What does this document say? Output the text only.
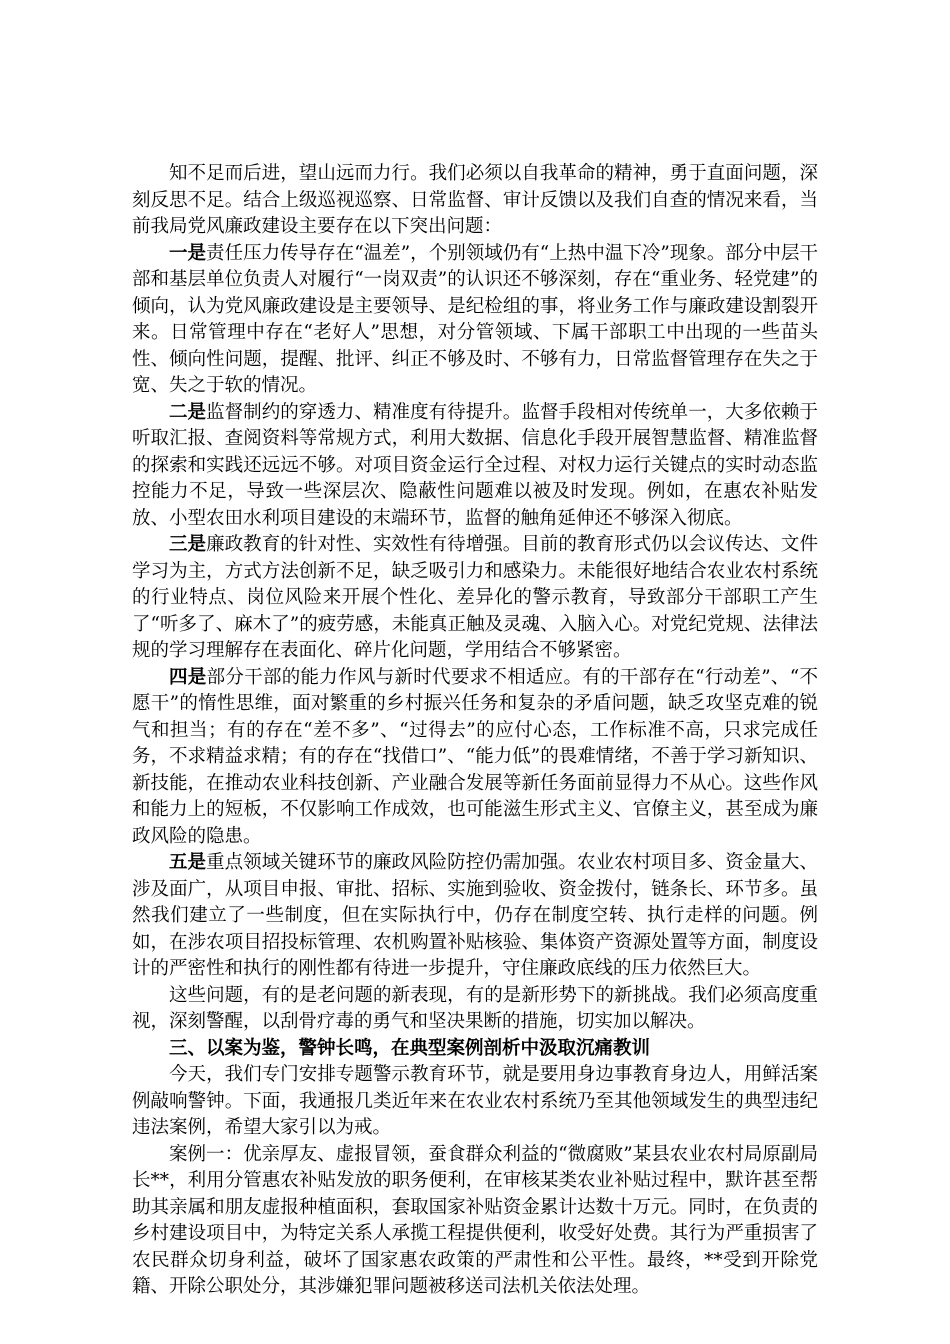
知不足而后进，望山远而力行。我们必须以自我革命的精神，勇于直面问题，深刻反思不足。结合上级巡视巡察、日常监督、审计反馈以及我们自查的情况来看，当前我局党风廉政建设主要存在以下突出问题：

一是责任压力传导存在“温差”，个别领域仍有“上热中温下冷”现象。部分中层干部和基层单位负责人对履行“一岗双责”的认识还不够深刻，存在“重业务、轻党建”的倾向，认为党风廉政建设是主要领导、是纪检组的事，将业务工作与廉政建设割裂开来。日常管理中存在“老好人”思想，对分管领域、下属干部职工中出现的一些苗头性、倾向性问题，提醒、批评、纠正不够及时、不够有力，日常监督管理存在失之于宽、失之于软的情况。

二是监督制约的穿透力、精准度有待提升。监督手段相对传统单一，大多依赖于听取汇报、查阅资料等常规方式，利用大数据、信息化手段开展智慧监督、精准监督的探索和实践还远远不够。对项目资金运行全过程、对权力运行关键点的实时动态监控能力不足，导致一些深层次、隐蔽性问题难以被及时发现。例如，在惠农补贴发放、小型农田水利项目建设的末端环节，监督的触角延伸还不够深入彻底。

三是廉政教育的针对性、实效性有待增强。目前的教育形式仍以会议传达、文件学习为主，方式方法创新不足，缺乏吸引力和感染力。未能很好地结合农业农村系统的行业特点、岗位风险来开展个性化、差异化的警示教育，导致部分干部职工产生了“听多了、麻木了”的疲劳感，未能真正触及灵魂、入脑入心。对党纪党规、法律法规的学习理解存在表面化、碎片化问题，学用结合不够紧密。

四是部分干部的能力作风与新时代要求不相适应。有的干部存在“行动差”、“不愿干”的惰性思维，面对繁重的乡村振兴任务和复杂的矛盾问题，缺乏攻坚克难的锐气和担当；有的存在“差不多”、“过得去”的应付心态，工作标准不高，只求完成任务，不求精益求精；有的存在“找借口”、“能力低”的畏难情绪，不善于学习新知识、新技能，在推动农业科技创新、产业融合发展等新任务面前显得力不从心。这些作风和能力上的短板，不仅影响工作成效，也可能滋生形式主义、官僚主义，甚至成为廉政风险的隐患。

五是重点领域关键环节的廉政风险防控仍需加强。农业农村项目多、资金量大、涉及面广，从项目申报、审批、招标、实施到验收、资金拨付，链条长、环节多。虽然我们建立了一些制度，但在实际执行中，仍存在制度空转、执行走样的问题。例如，在涉农项目招投标管理、农机购置补贴核验、集体资产资源处置等方面，制度设计的严密性和执行的刚性都有待进一步提升，守住廉政底线的压力依然巨大。

这些问题，有的是老问题的新表现，有的是新形势下的新挑战。我们必须高度重视，深刻警醒，以刮骨疗毒的勇气和坚决果断的措施，切实加以解决。

三、以案为鉴，警钟长鸣，在典型案例剖析中汲取沉痛教训

今天，我们专门安排专题警示教育环节，就是要用身边事教育身边人，用鲜活案例敲响警钟。下面，我通报几类近年来在农业农村系统乃至其他领域发生的典型违纪违法案例，希望大家引以为戒。

案例一：优亲厚友、虚报冒领，蚕食群众利益的“微腐败”某县农业农村局原副局长**，利用分管惠农补贴发放的职务便利，在审核某类农业补贴过程中，默许甚至帮助其亲属和朋友虚报种植面积，套取国家补贴资金累计达数十万元。同时，在负责的乡村建设项目中，为特定关系人承揽工程提供便利，收受好处费。其行为严重损害了农民群众切身利益，破坏了国家惠农政策的严肃性和公平性。最终，**受到开除党籍、开除公职处分，其涉嫌犯罪问题被移送司法机关依法处理。
